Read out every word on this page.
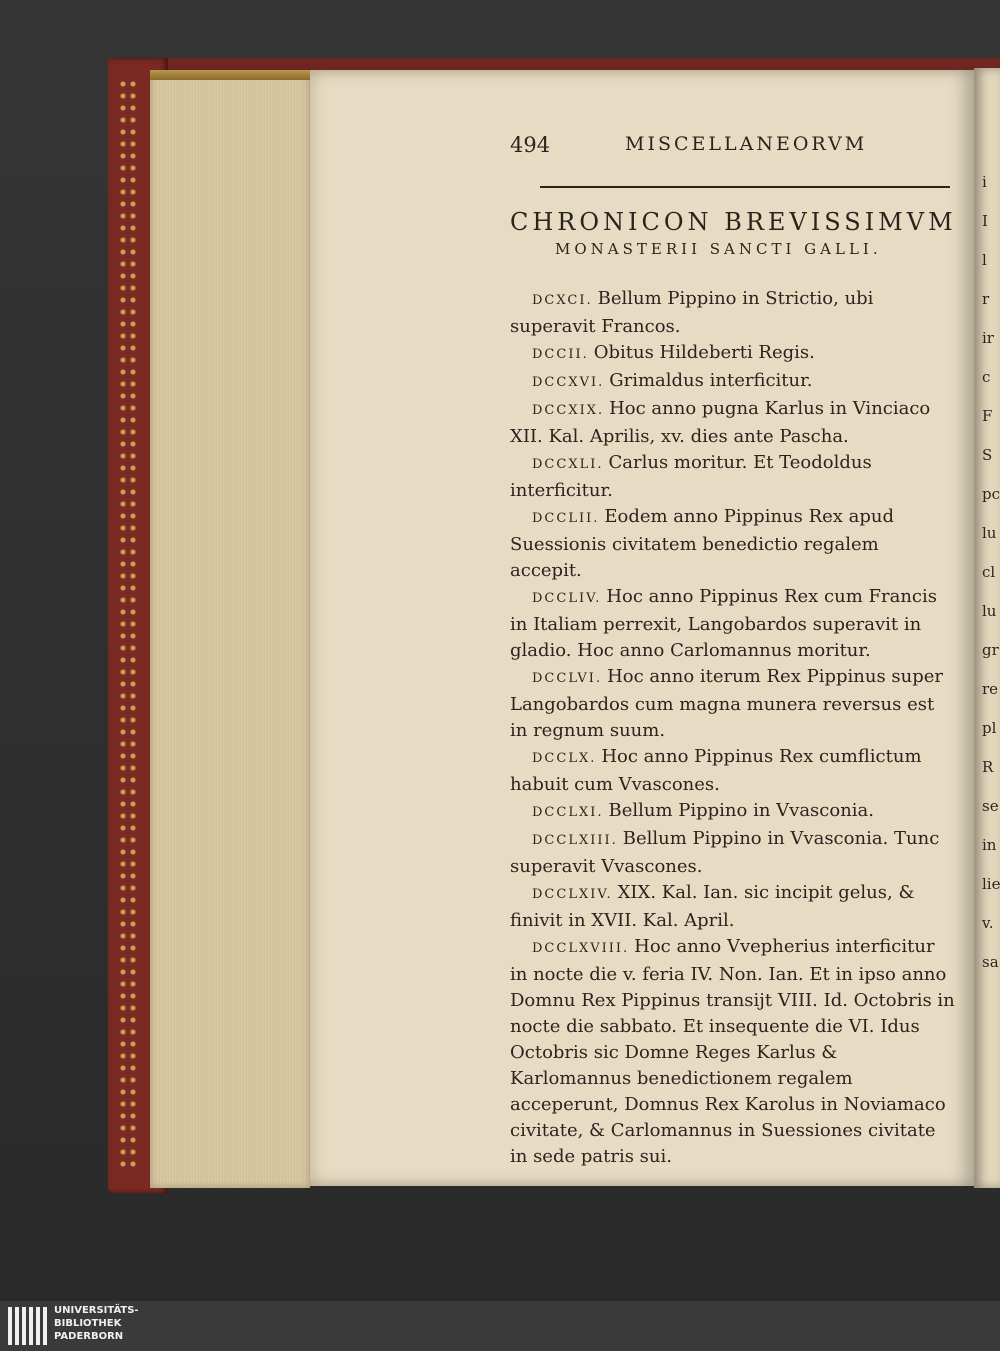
i
I
l
r
ir
c
F
S
pc
lu
cl
lu
gr
re
pl
R
se
in
lie
v.
sa
494	MISCELLANEORVM
CHRONICON BREVISSIMVM
MONASTERII SANCTI GALLI.

DCXCI. Bellum Pippino in Strictio, ubi superavit Francos.

DCCII. Obitus Hildeberti Regis.

DCCXVI. Grimaldus interficitur.

DCCXIX. Hoc anno pugna Karlus in Vinciaco XII. Kal. Aprilis, xv. dies ante Pascha.

DCCXLI. Carlus moritur. Et Teodoldus interficitur.

DCCLII. Eodem anno Pippinus Rex apud Suessionis civitatem benedictio regalem accepit.

DCCLIV. Hoc anno Pippinus Rex cum Francis in Italiam perrexit, Langobardos superavit in gladio. Hoc anno Carlomannus moritur.

DCCLVI. Hoc anno iterum Rex Pippinus super Langobardos cum magna munera reversus est in regnum suum.

DCCLX. Hoc anno Pippinus Rex cumflictum habuit cum Vvascones.

DCCLXI. Bellum Pippino in Vvasconia.

DCCLXIII. Bellum Pippino in Vvasconia. Tunc superavit Vvascones.

DCCLXIV. XIX. Kal. Ian. sic incipit gelus, & finivit in XVII. Kal. April.

DCCLXVIII. Hoc anno Vvepherius interficitur in nocte die v. feria IV. Non. Ian. Et in ipso anno Domnu Rex Pippinus transijt VIII. Id. Octobris in nocte die sabbato. Et insequente die VI. Idus Octobris sic Domne Reges Karlus & Karlomannus benedictionem regalem acceperunt, Domnus Rex Karolus in Noviamaco civitate, & Carlomannus in Suessiones civitate in sede patris sui.

UNIVERSITÄTS-
BIBLIOTHEK
PADERBORN
